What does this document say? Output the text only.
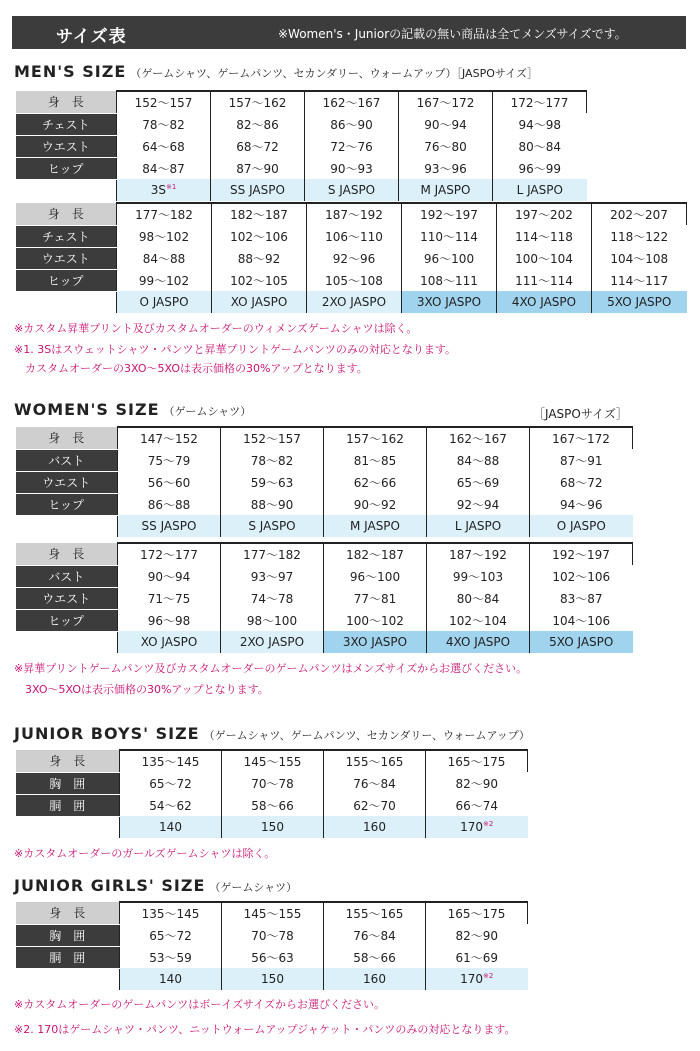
サイズ表	※Women's・Juniorの記載の無い商品は全てメンズサイズです。
MEN'S SIZE （ゲームシャツ、ゲームパンツ、セカンダリー、ウォームアップ）［JASPOサイズ］
身　長	152〜157	157〜162	162〜167	167〜172	172〜177
チェスト	78〜82	82〜86	86〜90	90〜94	94〜98
ウエスト	64〜68	68〜72	72〜76	76〜80	80〜84
ヒップ	84〜87	87〜90	90〜93	93〜96	96〜99
	$3S^{※1}$	SS JASPO	S JASPO	M JASPO	L JASPO
身　長	177〜182	182〜187	187〜192	192〜197	197〜202	202〜207
チェスト	98〜102	102〜106	106〜110	110〜114	114〜118	118〜122
ウエスト	84〜88	88〜92	92〜96	96〜100	100〜104	104〜108
ヒップ	99〜102	102〜105	105〜108	108〜111	111〜114	114〜117
	O JASPO	XO JASPO	2XO JASPO	3XO JASPO	4XO JASPO	5XO JASPO
※カスタム昇華プリント及びカスタムオーダーのウィメンズゲームシャツは除く。
※1. 3Sはスウェットシャツ・パンツと昇華プリントゲームパンツのみの対応となります。
　カスタムオーダーの3XO〜5XOは表示価格の30%アップとなります。
WOMEN'S SIZE （ゲームシャツ）	［JASPOサイズ］
身　長	147〜152	152〜157	157〜162	162〜167	167〜172
バスト	75〜79	78〜82	81〜85	84〜88	87〜91
ウエスト	56〜60	59〜63	62〜66	65〜69	68〜72
ヒップ	86〜88	88〜90	90〜92	92〜94	94〜96
	SS JASPO	S JASPO	M JASPO	L JASPO	O JASPO
身　長	172〜177	177〜182	182〜187	187〜192	192〜197
バスト	90〜94	93〜97	96〜100	99〜103	102〜106
ウエスト	71〜75	74〜78	77〜81	80〜84	83〜87
ヒップ	96〜98	98〜100	100〜102	102〜104	104〜106
	XO JASPO	2XO JASPO	3XO JASPO	4XO JASPO	5XO JASPO
※昇華プリントゲームパンツ及びカスタムオーダーのゲームパンツはメンズサイズからお選びください。
　3XO〜5XOは表示価格の30%アップとなります。
JUNIOR BOYS' SIZE （ゲームシャツ、ゲームパンツ、セカンダリー、ウォームアップ）
身　長	135〜145	145〜155	155〜165	165〜175
胸　囲	65〜72	70〜78	76〜84	82〜90
胴　囲	54〜62	58〜66	62〜70	66〜74
	140	150	160	170$^{※2}$
※カスタムオーダーのガールズゲームシャツは除く。
JUNIOR GIRLS' SIZE （ゲームシャツ）
身　長	135〜145	145〜155	155〜165	165〜175
胸　囲	65〜72	70〜78	76〜84	82〜90
胴　囲	53〜59	56〜63	58〜66	61〜69
	140	150	160	170$^{※2}$
※カスタムオーダーのゲームパンツはボーイズサイズからお選びください。
※2. 170はゲームシャツ・パンツ、ニットウォームアップジャケット・パンツのみの対応となります。
